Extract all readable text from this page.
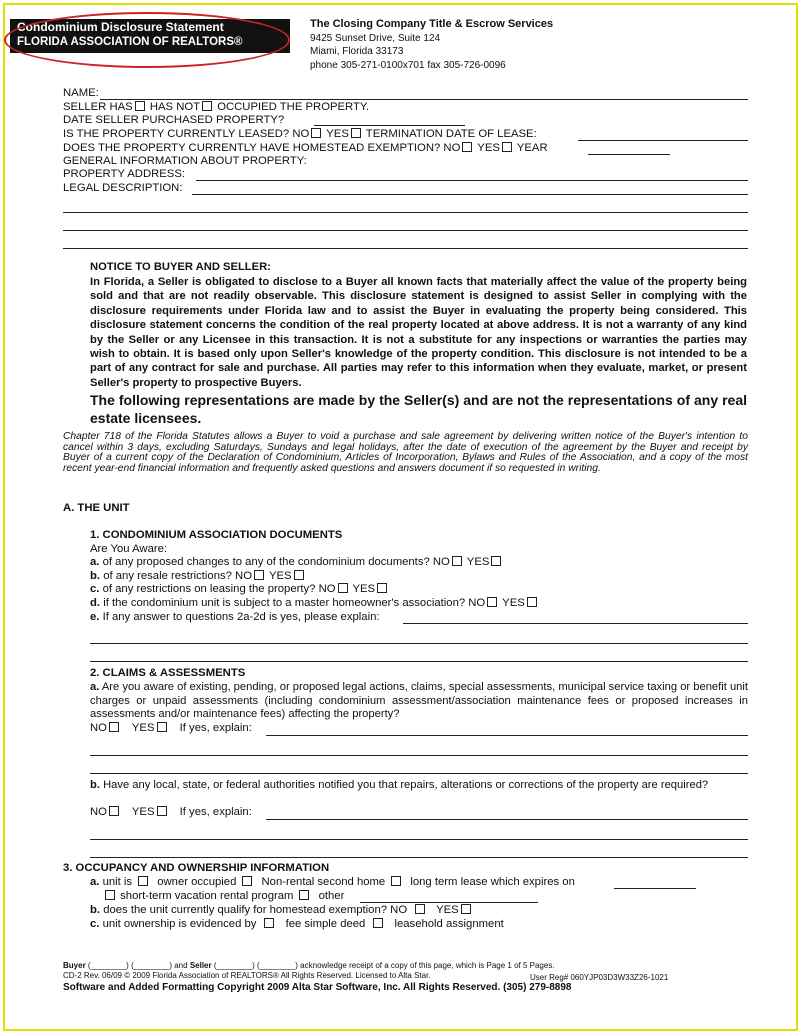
Condominium Disclosure Statement
FLORIDA ASSOCIATION OF REALTORS®
The Closing Company Title & Escrow Services
9425 Sunset Drive, Suite 124
Miami, Florida 33173
phone 305-271-0100x701 fax 305-726-0096
NAME:
SELLER HAS HAS NOT OCCUPIED THE PROPERTY.
DATE SELLER PURCHASED PROPERTY?
IS THE PROPERTY CURRENTLY LEASED? NO YES TERMINATION DATE OF LEASE:
DOES THE PROPERTY CURRENTLY HAVE HOMESTEAD EXEMPTION? NO YES YEAR
GENERAL INFORMATION ABOUT PROPERTY:
PROPERTY ADDRESS:
LEGAL DESCRIPTION:
NOTICE TO BUYER AND SELLER:
In Florida, a Seller is obligated to disclose to a Buyer all known facts that materially affect the value of the property being sold and that are not readily observable. This disclosure statement is designed to assist Seller in complying with the disclosure requirements under Florida law and to assist the Buyer in evaluating the property being considered. This disclosure statement concerns the condition of the real property located at above address. It is not a warranty of any kind by the Seller or any Licensee in this transaction. It is not a substitute for any inspections or warranties the parties may wish to obtain. It is based only upon Seller's knowledge of the property condition. This disclosure is not intended to be a part of any contract for sale and purchase. All parties may refer to this information when they evaluate, market, or present Seller's property to prospective Buyers.
The following representations are made by the Seller(s) and are not the representations of any real estate licensees.
Chapter 718 of the Florida Statutes allows a Buyer to void a purchase and sale agreement by delivering written notice of the Buyer's intention to cancel within 3 days, excluding Saturdays, Sundays and legal holidays, after the date of execution of the agreement by the Buyer and receipt by Buyer of a current copy of the Declaration of Condominium, Articles of Incorporation, Bylaws and Rules of the Association, and a copy of the most recent year-end financial information and frequently asked questions and answers document if so requested in writing.
A. THE UNIT
1. CONDOMINIUM ASSOCIATION DOCUMENTS
Are You Aware:
a. of any proposed changes to any of the condominium documents? NO YES
b. of any resale restrictions? NO YES
c. of any restrictions on leasing the property? NO YES
d. if the condominium unit is subject to a master homeowner's association? NO YES
e. If any answer to questions 2a-2d is yes, please explain:
2. CLAIMS & ASSESSMENTS
a. Are you aware of existing, pending, or proposed legal actions, claims, special assessments, municipal service taxing or benefit unit charges or unpaid assessments (including condominium assessment/association maintenance fees or proposed increases in assessments and/or maintenance fees) affecting the property?
NO YES If yes, explain:
b. Have any local, state, or federal authorities notified you that repairs, alterations or corrections of the property are required?
NO YES If yes, explain:
3. OCCUPANCY AND OWNERSHIP INFORMATION
a. unit is owner occupied Non-rental second home long term lease which expires on
short-term vacation rental program other
b. does the unit currently qualify for homestead exemption? NO	YES
c. unit ownership is evidenced by	fee simple deed	leasehold assignment
Buyer (________) (________) and Seller (________) (________) acknowledge receipt of a copy of this page, which is Page 1 of 5 Pages.
CD-2 Rev. 06/09 © 2009 Florida Association of REALTORS® All Rights Reserved. Licensed to Alta Star.	User Reg# 060YJP03D3W33Z26-1021
Software and Added Formatting Copyright 2009 Alta Star Software, Inc. All Rights Reserved. (305) 279-8898
